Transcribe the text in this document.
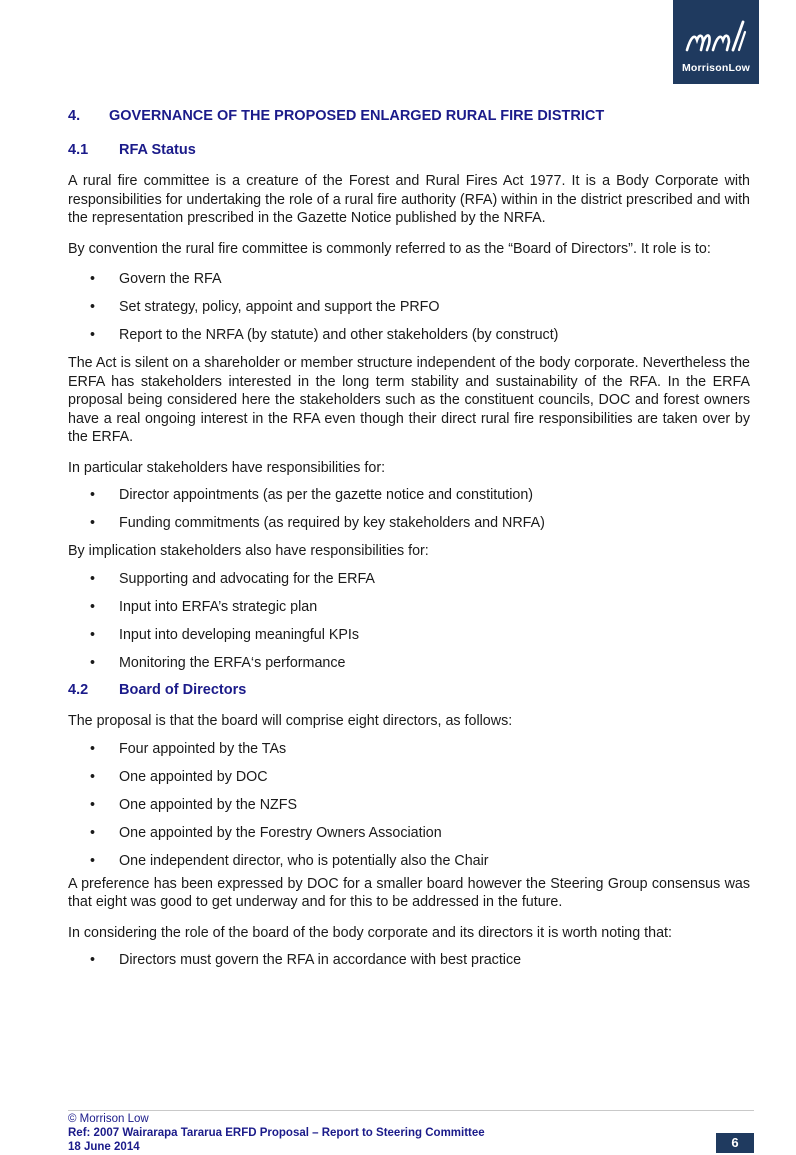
MorrisonLow
4.	GOVERNANCE OF THE PROPOSED ENLARGED RURAL FIRE DISTRICT
4.1	RFA Status

A rural fire committee is a creature of the Forest and Rural Fires Act 1977. It is a Body Corporate with responsibilities for undertaking the role of a rural fire authority (RFA) within in the district prescribed and with the representation prescribed in the Gazette Notice published by the NRFA.

By convention the rural fire committee is commonly referred to as the “Board of Directors”. It role is to:

• Govern the RFA
• Set strategy, policy, appoint and support the PRFO
• Report to the NRFA (by statute) and other stakeholders (by construct)

The Act is silent on a shareholder or member structure independent of the body corporate. Nevertheless the ERFA has stakeholders interested in the long term stability and sustainability of the RFA. In the ERFA proposal being considered here the stakeholders such as the constituent councils, DOC and forest owners have a real ongoing interest in the RFA even though their direct rural fire responsibilities are taken over by the ERFA.

In particular stakeholders have responsibilities for:

• Director appointments (as per the gazette notice and constitution)
• Funding commitments (as required by key stakeholders and NRFA)

By implication stakeholders also have responsibilities for:

• Supporting and advocating for the ERFA
• Input into ERFA’s strategic plan
• Input into developing meaningful KPIs
• Monitoring the ERFA‘s performance
4.2	Board of Directors

The proposal is that the board will comprise eight directors, as follows:

• Four appointed by the TAs
• One appointed by DOC
• One appointed by the NZFS
• One appointed by the Forestry Owners Association
• One independent director, who is potentially also the Chair

A preference has been expressed by DOC for a smaller board however the Steering Group consensus was that eight was good to get underway and for this to be addressed in the future.

In considering the role of the board of the body corporate and its directors it is worth noting that:

• Directors must govern the RFA in accordance with best practice
© Morrison Low
Ref: 2007 Wairarapa Tararua ERFD Proposal – Report to Steering Committee
18 June 2014	6
